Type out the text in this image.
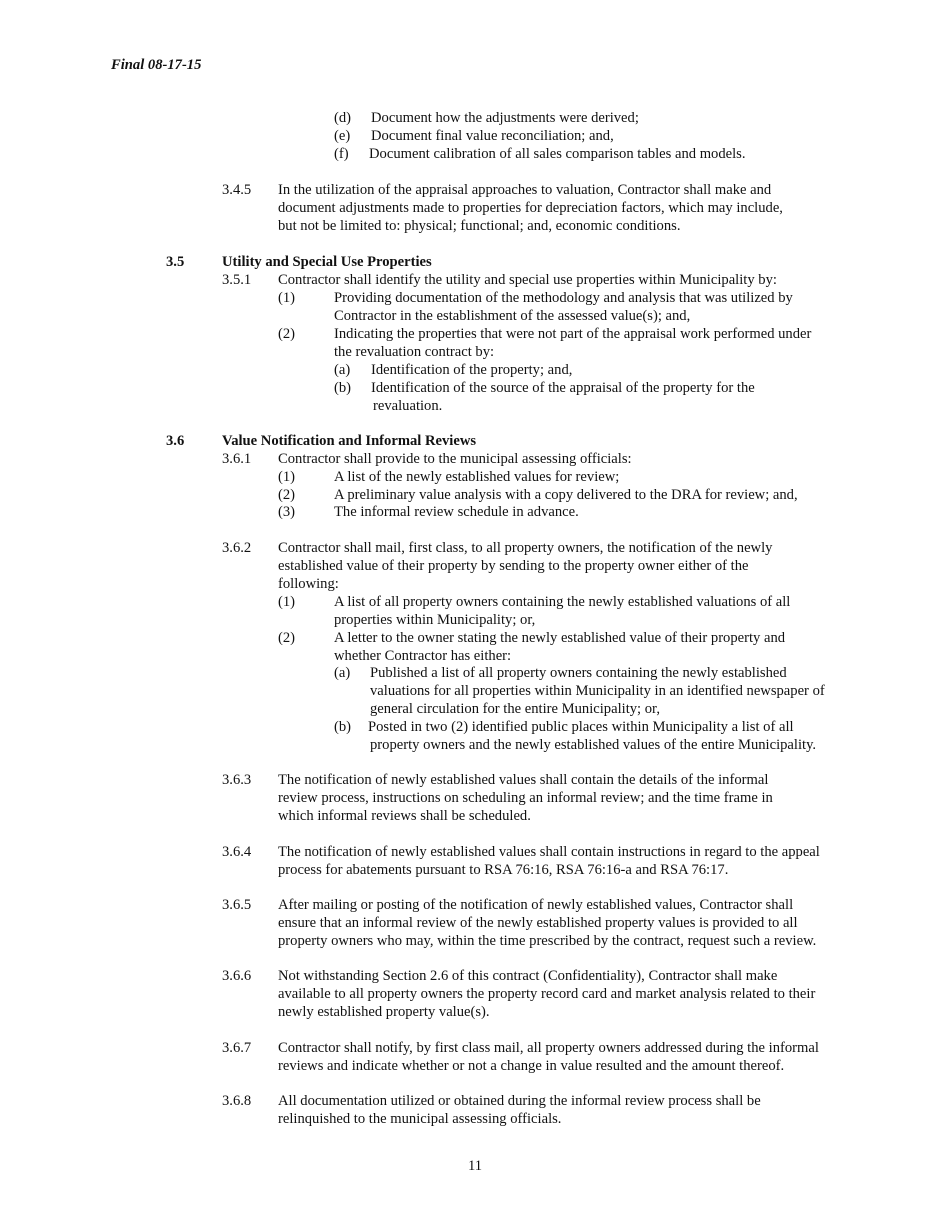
Final 08-17-15
(d) Document how the adjustments were derived;
(e) Document final value reconciliation; and,
(f) Document calibration of all sales comparison tables and models.
3.4.5 In the utilization of the appraisal approaches to valuation, Contractor shall make and
document adjustments made to properties for depreciation factors, which may include,
but not be limited to: physical; functional; and, economic conditions.
3.5	Utility and Special Use Properties
3.5.1 Contractor shall identify the utility and special use properties within Municipality by:
(1)	Providing documentation of the methodology and analysis that was utilized by
Contractor in the establishment of the assessed value(s); and,
(2)	Indicating the properties that were not part of the appraisal work performed under
the revaluation contract by:
(a) Identification of the property; and,
(b) Identification of the source of the appraisal of the property for the
revaluation.
3.6	Value Notification and Informal Reviews
3.6.1 Contractor shall provide to the municipal assessing officials:
(1)	A list of the newly established values for review;
(2)	A preliminary value analysis with a copy delivered to the DRA for review; and,
(3)	The informal review schedule in advance.
3.6.2 Contractor shall mail, first class, to all property owners, the notification of the newly
established value of their property by sending to the property owner either of the
following:
(1)	A list of all property owners containing the newly established valuations of all
properties within Municipality; or,
(2)	A letter to the owner stating the newly established value of their property and
whether Contractor has either:
(a) Published a list of all property owners containing the newly established
valuations for all properties within Municipality in an identified newspaper of
general circulation for the entire Municipality; or,
(b) Posted in two (2) identified public places within Municipality a list of all
property owners and the newly established values of the entire Municipality.
3.6.3 The notification of newly established values shall contain the details of the informal
review process, instructions on scheduling an informal review; and the time frame in
which informal reviews shall be scheduled.
3.6.4 The notification of newly established values shall contain instructions in regard to the appeal
process for abatements pursuant to RSA 76:16, RSA 76:16-a and RSA 76:17.
3.6.5 After mailing or posting of the notification of newly established values, Contractor shall
ensure that an informal review of the newly established property values is provided to all
property owners who may, within the time prescribed by the contract, request such a review.
3.6.6 Not withstanding Section 2.6 of this contract (Confidentiality), Contractor shall make
available to all property owners the property record card and market analysis related to their
newly established property value(s).
3.6.7 Contractor shall notify, by first class mail, all property owners addressed during the informal
reviews and indicate whether or not a change in value resulted and the amount thereof.
3.6.8 All documentation utilized or obtained during the informal review process shall be
relinquished to the municipal assessing officials.
11
